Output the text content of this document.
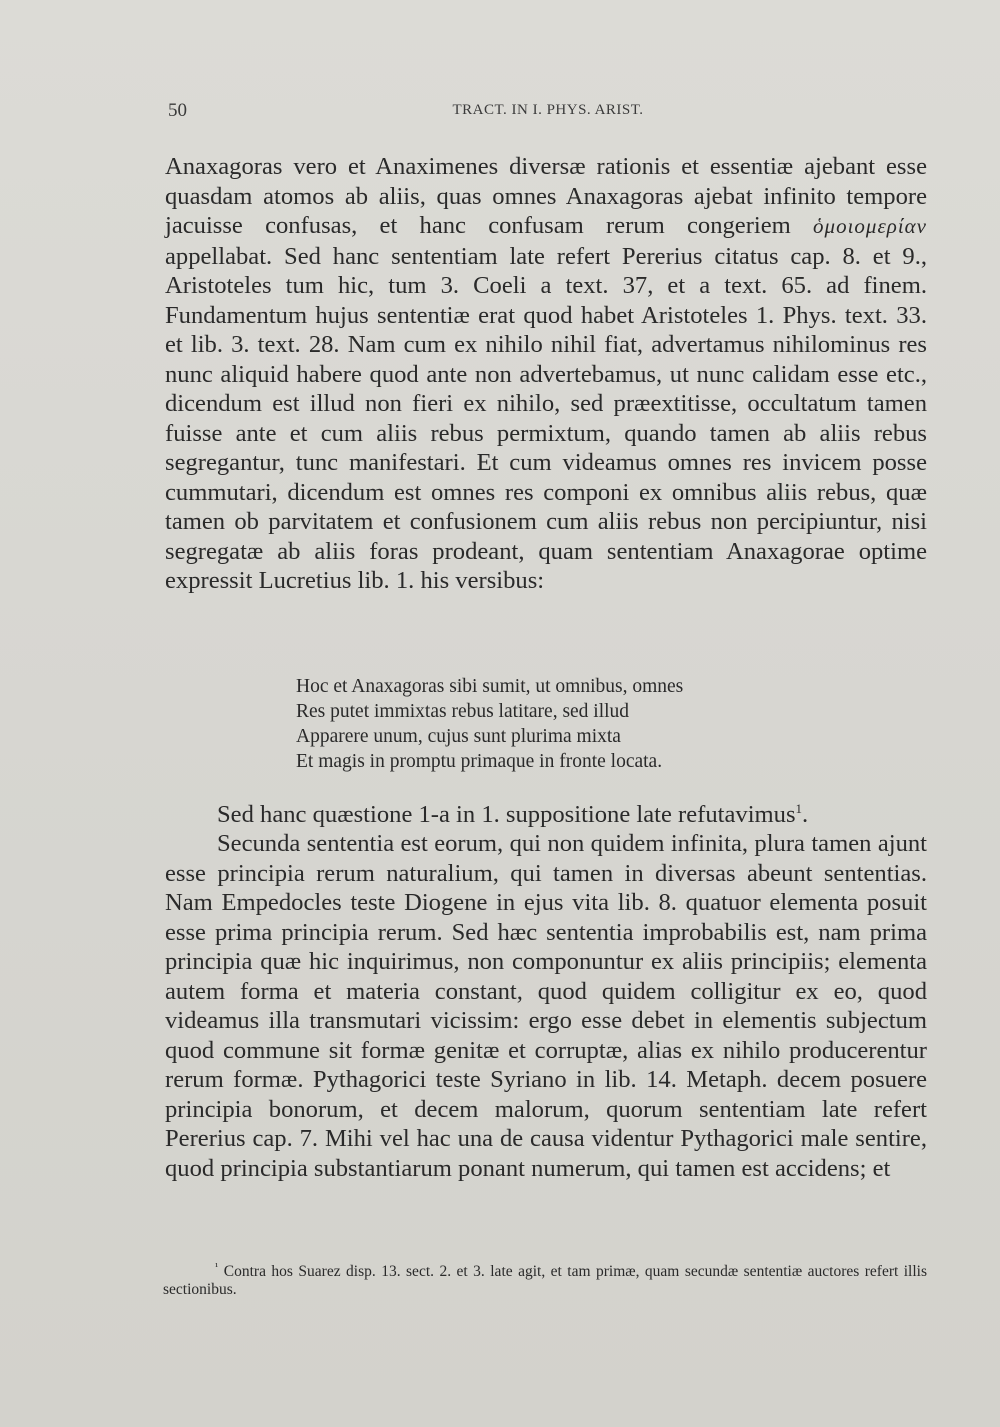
50	TRACT. IN I. PHYS. ARIST.

Anaxagoras vero et Anaximenes diversæ rationis et essentiæ ajebant esse quasdam atomos ab aliis, quas omnes Anaxagoras ajebat infinito tempore jacuisse confusas, et hanc confusam rerum congeriem ὁμοιομερίαν appellabat. Sed hanc sententiam late refert Pererius citatus cap. 8. et 9., Aristoteles tum hic, tum 3. Coeli a text. 37, et a text. 65. ad finem. Fundamentum hujus sententiæ erat quod habet Aristoteles 1. Phys. text. 33. et lib. 3. text. 28. Nam cum ex nihilo nihil fiat, advertamus nihilominus res nunc aliquid habere quod ante non advertebamus, ut nunc calidam esse etc., dicendum est illud non fieri ex nihilo, sed præextitisse, occultatum tamen fuisse ante et cum aliis rebus permixtum, quando tamen ab aliis rebus segregantur, tunc manifestari. Et cum videamus omnes res invicem posse cummutari, dicendum est omnes res componi ex omnibus aliis rebus, quæ tamen ob parvitatem et confusionem cum aliis rebus non percipiuntur, nisi segregatæ ab aliis foras prodeant, quam sententiam Anaxagorae optime expressit Lucretius lib. 1. his versibus:

Hoc et Anaxagoras sibi sumit, ut omnibus, omnes
Res putet immixtas rebus latitare, sed illud
Apparere unum, cujus sunt plurima mixta
Et magis in promptu primaque in fronte locata.

Sed hanc quæstione 1-a in 1. suppositione late refutavimus$^1$.

Secunda sententia est eorum, qui non quidem infinita, plura tamen ajunt esse principia rerum naturalium, qui tamen in diversas abeunt sententias. Nam Empedocles teste Diogene in ejus vita lib. 8. quatuor elementa posuit esse prima principia rerum. Sed hæc sententia improbabilis est, nam prima principia quæ hic inquirimus, non componuntur ex aliis principiis; elementa autem forma et materia constant, quod quidem colligitur ex eo, quod videamus illa transmutari vicissim: ergo esse debet in elementis subjectum quod commune sit formæ genitæ et corruptæ, alias ex nihilo producerentur rerum formæ. Pythagorici teste Syriano in lib. 14. Metaph. decem posuere principia bonorum, et decem malorum, quorum sententiam late refert Pererius cap. 7. Mihi vel hac una de causa videntur Pythagorici male sentire, quod principia substantiarum ponant numerum, qui tamen est accidens; et

$^{^1}$ Contra hos Suarez disp. 13. sect. 2. et 3. late agit, et tam primæ, quam secundæ sententiæ auctores refert illis sectionibus.
